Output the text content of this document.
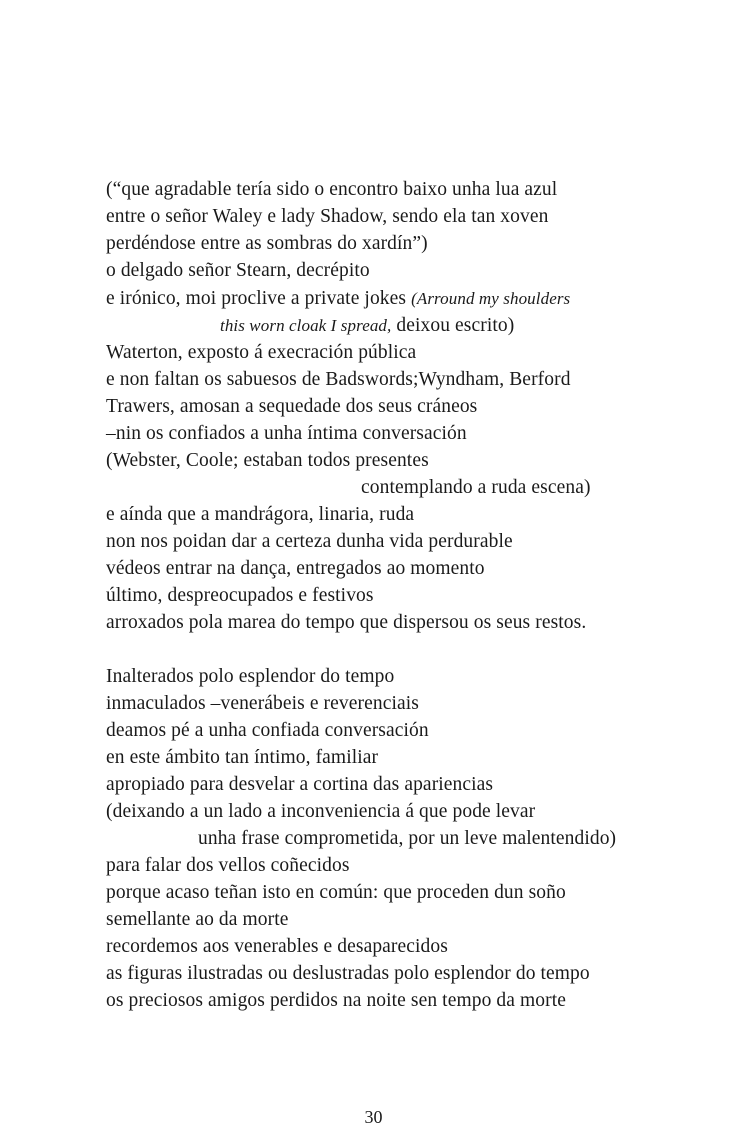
(“que agradable tería sido o encontro baixo unha lua azul
entre o señor Waley e lady Shadow, sendo ela tan xoven
perdéndose entre as sombras do xardín”)
o delgado señor Stearn, decrépito
e irónico, moi proclive a private jokes (Arround my shoulders
this worn cloak I spread, deixou escrito)
Waterton, exposto á execración pública
e non faltan os sabuesos de Badswords;Wyndham, Berford
Trawers, amosan a sequedade dos seus cráneos
–nin os confiados a unha íntima conversación
(Webster, Coole; estaban todos presentes
contemplando a ruda escena)
e aínda que a mandrágora, linaria, ruda
non nos poidan dar a certeza dunha vida perdurable
védeos entrar na dança, entregados ao momento
último, despreocupados e festivos
arroxados pola marea do tempo que dispersou os seus restos.
Inalterados polo esplendor do tempo
inmaculados –venerábeis e reverenciais
deamos pé a unha confiada conversación
en este ámbito tan íntimo, familiar
apropiado para desvelar a cortina das apariencias
(deixando a un lado a inconveniencia á que pode levar
unha frase comprometida, por un leve malentendido)
para falar dos vellos coñecidos
porque acaso teñan isto en común: que proceden dun soño
semellante ao da morte
recordemos aos venerables e desaparecidos
as figuras ilustradas ou deslustradas polo esplendor do tempo
os preciosos amigos perdidos na noite sen tempo da morte
30
